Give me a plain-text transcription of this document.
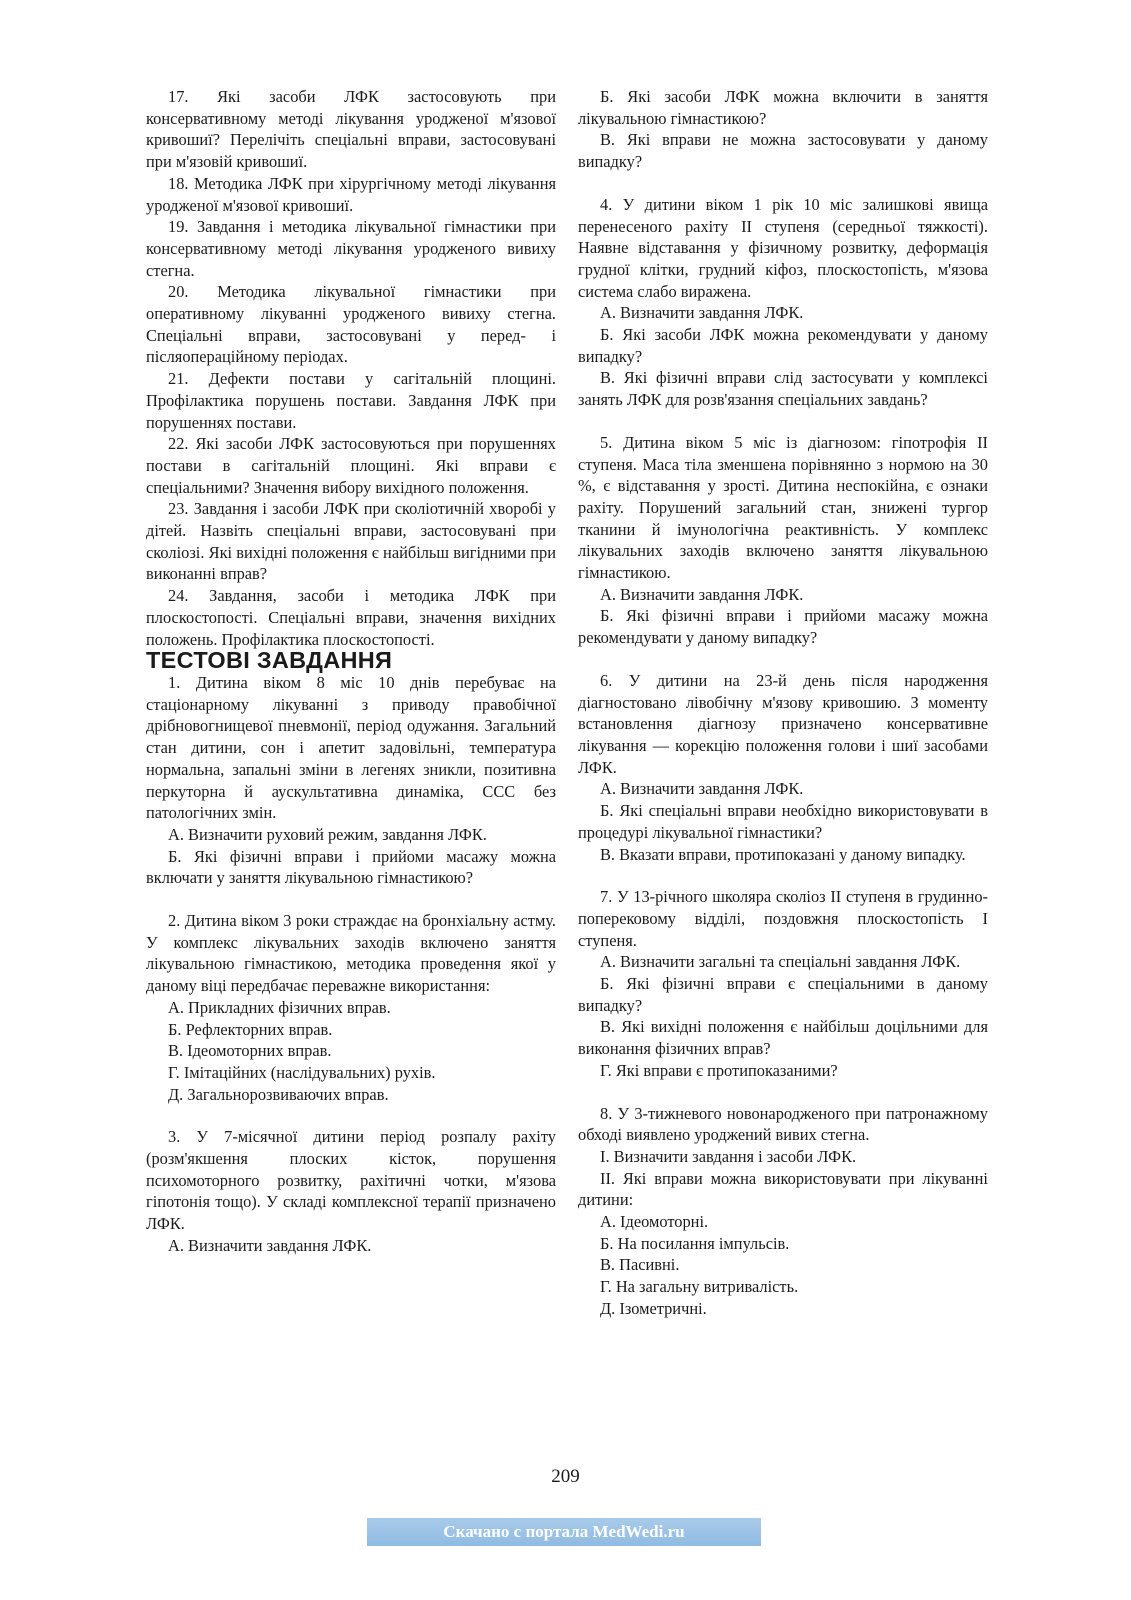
17. Які засоби ЛФК застосовують при консервативному методі лікування уродженої м'язової кривошиї? Перелічіть спеціальні вправи, застосовувані при м'язовій кривошиї.

18. Методика ЛФК при хірургічному методі лікування уродженої м'язової кривошиї.

19. Завдання і методика лікувальної гімнастики при консервативному методі лікування уродженого вивиху стегна.

20. Методика лікувальної гімнастики при оперативному лікуванні уродженого вивиху стегна. Спеціальні вправи, застосовувані у перед- і післяопераційному періодах.

21. Дефекти постави у сагітальній площині. Профілактика порушень постави. Завдання ЛФК при порушеннях постави.

22. Які засоби ЛФК застосовуються при порушеннях постави в сагітальній площині. Які вправи є спеціальними? Значення вибору вихідного положення.

23. Завдання і засоби ЛФК при сколіотичній хворобі у дітей. Назвіть спеціальні вправи, застосовувані при сколіозі. Які вихідні положення є найбільш вигідними при виконанні вправ?

24. Завдання, засоби і методика ЛФК при плоскостопості. Спеціальні вправи, значення вихідних положень. Профілактика плоскостопості.

ТЕСТОВІ ЗАВДАННЯ

1. Дитина віком 8 міс 10 днів перебуває на стаціонарному лікуванні з приводу правобічної дрібновогнищевої пневмонії, період одужання. Загальний стан дитини, сон і апетит задовільні, температура нормальна, запальні зміни в легенях зникли, позитивна перкуторна й аускультативна динаміка, ССС без патологічних змін.

А. Визначити руховий режим, завдання ЛФК.

Б. Які фізичні вправи і прийоми масажу можна включати у заняття лікувальною гімнастикою?

2. Дитина віком 3 роки страждає на бронхіальну астму. У комплекс лікувальних заходів включено заняття лікувальною гімнастикою, методика проведення якої у даному віці передбачає переважне використання:

А. Прикладних фізичних вправ.

Б. Рефлекторних вправ.

В. Ідеомоторних вправ.

Г. Імітаційних (наслідувальних) рухів.

Д. Загальнорозвиваючих вправ.

3. У 7-місячної дитини період розпалу рахіту (розм'якшення плоских кісток, порушення психомоторного розвитку, рахітичні чотки, м'язова гіпотонія тощо). У складі комплексної терапії призначено ЛФК.

А. Визначити завдання ЛФК.

Б. Які засоби ЛФК можна включити в заняття лікувальною гімнастикою?

В. Які вправи не можна застосовувати у даному випадку?

4. У дитини віком 1 рік 10 міс залишкові явища перенесеного рахіту II ступеня (середньої тяжкості). Наявне відставання у фізичному розвитку, деформація грудної клітки, грудний кіфоз, плоскостопість, м'язова система слабо виражена.

А. Визначити завдання ЛФК.

Б. Які засоби ЛФК можна рекомендувати у даному випадку?

В. Які фізичні вправи слід застосувати у комплексі занять ЛФК для розв'язання спеціальних завдань?

5. Дитина віком 5 міс із діагнозом: гіпотрофія II ступеня. Маса тіла зменшена порівнянно з нормою на 30 %, є відставання у зрості. Дитина неспокійна, є ознаки рахіту. Порушений загальний стан, знижені тургор тканини й імунологічна реактивність. У комплекс лікувальних заходів включено заняття лікувальною гімнастикою.

А. Визначити завдання ЛФК.

Б. Які фізичні вправи і прийоми масажу можна рекомендувати у даному випадку?

6. У дитини на 23-й день після народження діагностовано лівобічну м'язову кривошию. З моменту встановлення діагнозу призначено консервативне лікування — корекцію положення голови і шиї засобами ЛФК.

А. Визначити завдання ЛФК.

Б. Які спеціальні вправи необхідно використовувати в процедурі лікувальної гімнастики?

В. Вказати вправи, протипоказані у даному випадку.

7. У 13-річного школяра сколіоз II ступеня в грудинно-поперековому відділі, поздовжня плоскостопість I ступеня.

А. Визначити загальні та спеціальні завдання ЛФК.

Б. Які фізичні вправи є спеціальними в даному випадку?

В. Які вихідні положення є найбільш доцільними для виконання фізичних вправ?

Г. Які вправи є протипоказаними?

8. У 3-тижневого новонародженого при патронажному обході виявлено уроджений вивих стегна.

І. Визначити завдання і засоби ЛФК.

ІІ. Які вправи можна використовувати при лікуванні дитини:

А. Ідеомоторні.

Б. На посилання імпульсів.

В. Пасивні.

Г. На загальну витривалість.

Д. Ізометричні.

209
Скачано с портала MedWedi.ru
